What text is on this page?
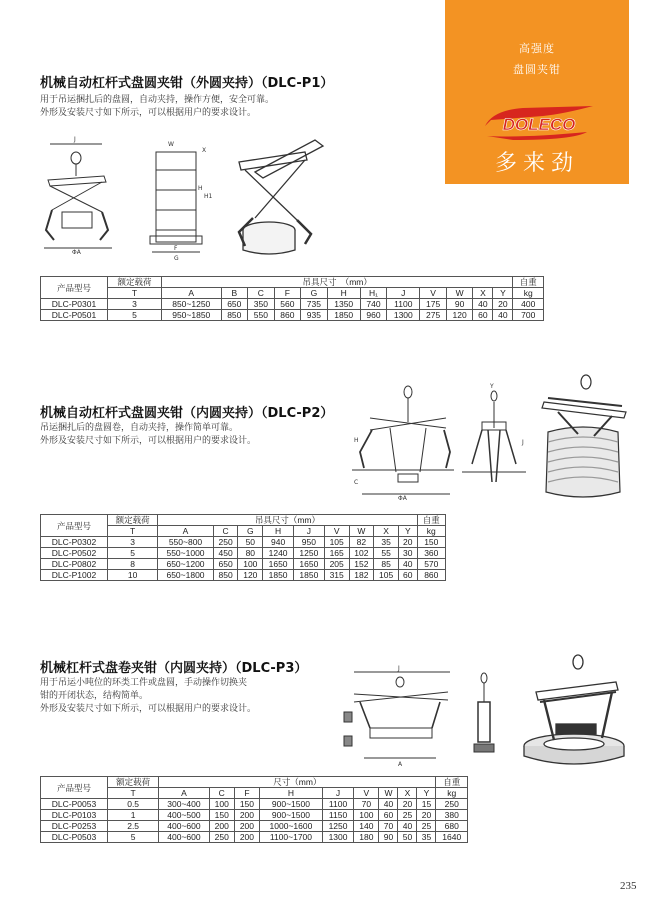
高强度
盘圆夹钳
DOLECO
多来劲
机械自动杠杆式盘圆夹钳（外圆夹持）（DLC-P1）
用于吊运捆扎后的盘圆，自动夹持，操作方便，安全可靠。
外形及安装尺寸如下所示，可以根据用户的要求设计。
J
ΦA
W
X
H
H1
F
G
产品型号	额定载荷	吊具尺寸　（mm）												自重
	T	A	B	C	F	G	H	H₁	J	V	W	X	Y	kg
DLC-P0301	3	850~1250	650	350	560	735	1350	740	1100	175	90	40	20	400
DLC-P0501	5	950~1850	850	550	860	935	1850	960	1300	275	120	60	40	700
机械自动杠杆式盘圆夹钳（内圆夹持）（DLC-P2）
吊运捆扎后的盘圆卷，自动夹持，操作简单可靠。
外形及安装尺寸如下所示，可以根据用户的要求设计。
ΦA
H
C
Y
J
产品型号	额定载荷	吊具尺寸（mm）									自重
	T	A	C	G	H	J	V	W	X	Y	kg
DLC-P0302	3	550~800	250	50	940	950	105	82	35	20	150
DLC-P0502	5	550~1000	450	80	1240	1250	165	102	55	30	360
DLC-P0802	8	650~1200	650	100	1650	1650	205	152	85	40	570
DLC-P1002	10	650~1800	850	120	1850	1850	315	182	105	60	860
机械杠杆式盘卷夹钳（内圆夹持）（DLC-P3）
用于吊运小吨位的环类工件或盘圆，手动操作切换夹
钳的开闭状态，结构简单。
外形及安装尺寸如下所示，可以根据用户的要求设计。
J
A
产品型号	额定载荷	尺寸（mm）									自重
	T	A	C	F	H	J	V	W	X	Y	kg
DLC-P0053	0.5	300~400	100	150	900~1500	1100	70	40	20	15	250
DLC-P0103	1	400~500	150	200	900~1500	1150	100	60	25	20	380
DLC-P0253	2.5	400~600	200	200	1000~1600	1250	140	70	40	25	680
DLC-P0503	5	400~600	250	200	1100~1700	1300	180	90	50	35	1640
235
